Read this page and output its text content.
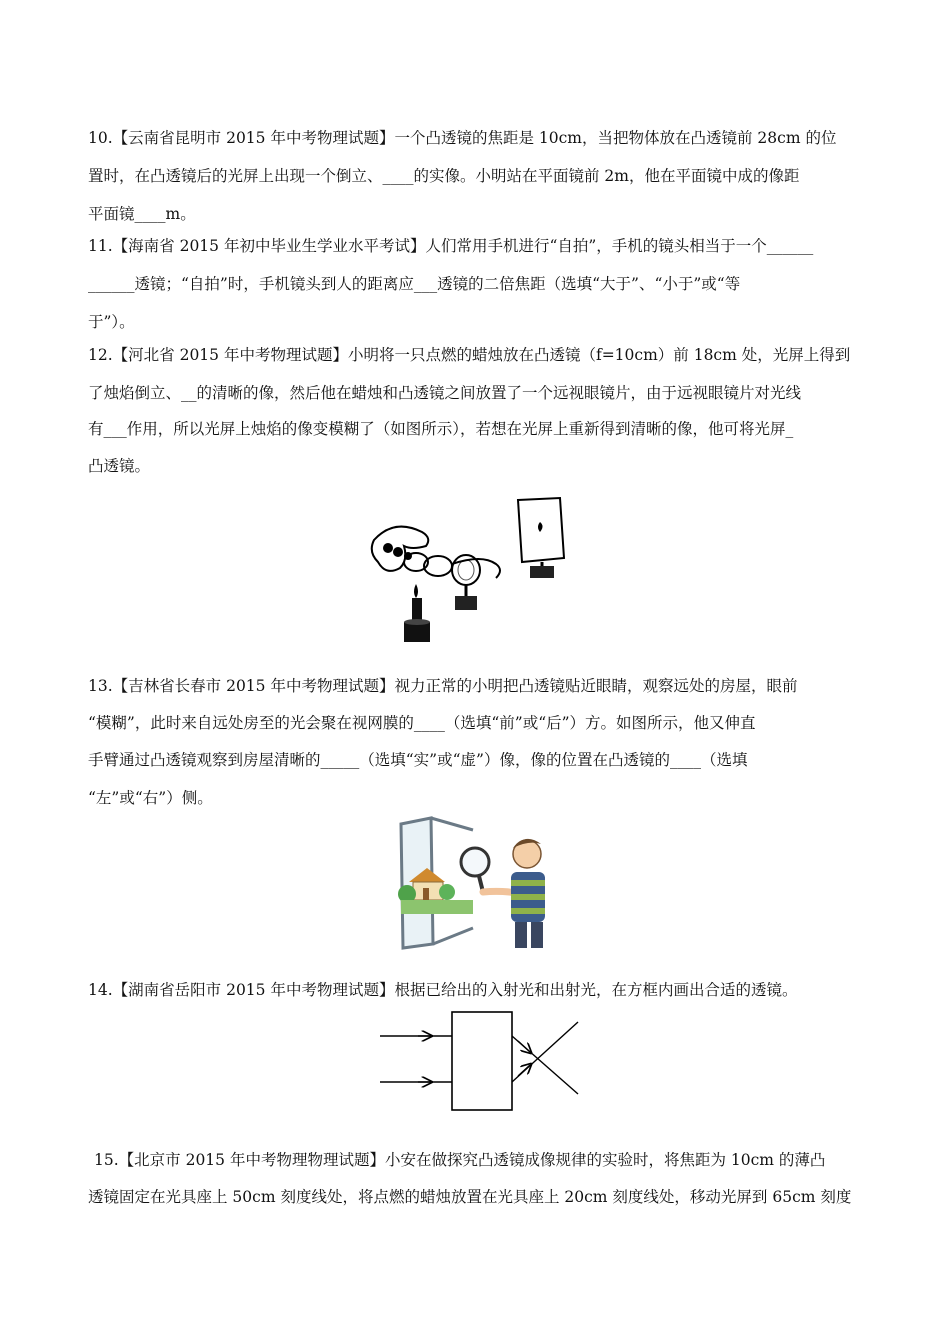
10.【云南省昆明市 2015 年中考物理试题】一个凸透镜的焦距是 10cm，当把物体放在凸透镜前 28cm 的位
置时，在凸透镜后的光屏上出现一个倒立、____的实像。小明站在平面镜前 2m，他在平面镜中成的像距
平面镜____m。
11.【海南省 2015 年初中毕业生学业水平考试】人们常用手机进行“自拍”，手机的镜头相当于一个______
______透镜；“自拍”时，手机镜头到人的距离应___透镜的二倍焦距（选填“大于”、“小于”或“等
于”）。
12.【河北省 2015 年中考物理试题】小明将一只点燃的蜡烛放在凸透镜（f=10cm）前 18cm 处，光屏上得到
了烛焰倒立、__的清晰的像，然后他在蜡烛和凸透镜之间放置了一个远视眼镜片，由于远视眼镜片对光线
有___作用，所以光屏上烛焰的像变模糊了（如图所示），若想在光屏上重新得到清晰的像，他可将光屏_
凸透镜。
13.【吉林省长春市 2015 年中考物理试题】视力正常的小明把凸透镜贴近眼睛，观察远处的房屋，眼前
“模糊”，此时来自远处房至的光会聚在视网膜的____（选填“前”或“后”）方。如图所示，他又伸直
手臂通过凸透镜观察到房屋清晰的_____（选填“实”或“虚”）像，像的位置在凸透镜的____（选填
“左”或“右”）侧。
14.【湖南省岳阳市 2015 年中考物理试题】根据已给出的入射光和出射光，在方框内画出合适的透镜。
15.【北京市 2015 年中考物理物理试题】小安在做探究凸透镜成像规律的实验时，将焦距为 10cm 的薄凸
透镜固定在光具座上 50cm 刻度线处，将点燃的蜡烛放置在光具座上 20cm 刻度线处，移动光屏到 65cm 刻度
